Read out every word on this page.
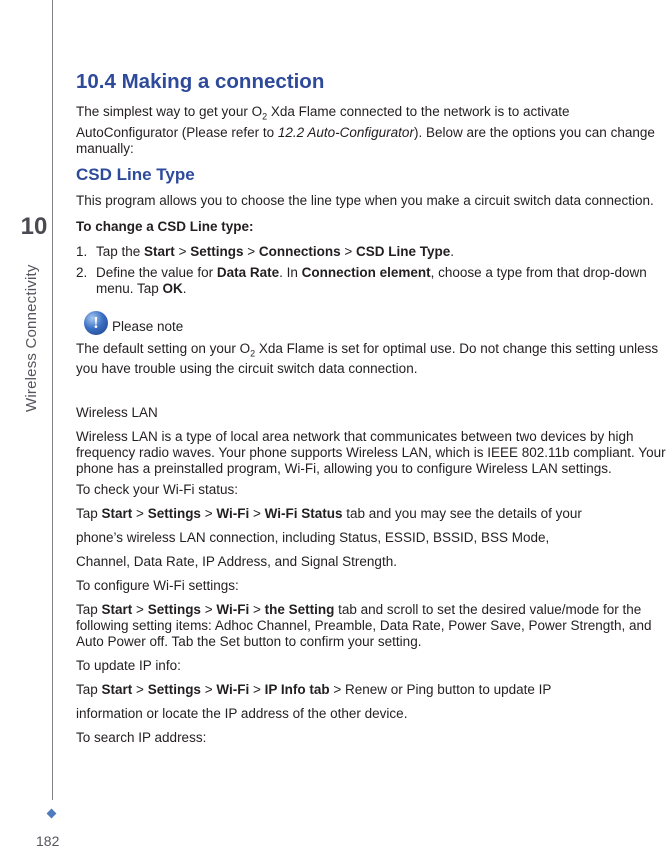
10
Wireless Connectivity
182
10.4 Making a connection

The simplest way to get your $O_2$ Xda Flame connected to the network is to activate AutoConfigurator (Please refer to 12.2 Auto-Configurator). Below are the options you can change manually:

CSD Line Type

This program allows you to choose the line type when you make a circuit switch data connection.

To change a CSD Line type:

1. Tap the Start > Settings > Connections > CSD Line Type.
2. Define the value for Data Rate. In Connection element, choose a type from that drop-down menu. Tap OK.
! Please note

The default setting on your $O_2$ Xda Flame is set for optimal use. Do not change this setting unless you have trouble using the circuit switch data connection.

Wireless LAN

Wireless LAN is a type of local area network that communicates between two devices by high frequency radio waves. Your phone supports Wireless LAN, which is IEEE 802.11b compliant. Your phone has a preinstalled program, Wi-Fi, allowing you to configure Wireless LAN settings.

To check your Wi-Fi status:

Tap Start > Settings > Wi-Fi > Wi-Fi Status tab and you may see the details of your

phone’s wireless LAN connection, including Status, ESSID, BSSID, BSS Mode,

Channel, Data Rate, IP Address, and Signal Strength.

To configure Wi-Fi settings:

Tap Start > Settings > Wi-Fi > the Setting tab and scroll to set the desired value/mode for the following setting items: Adhoc Channel, Preamble, Data Rate, Power Save, Power Strength, and Auto Power off. Tab the Set button to confirm your setting.

To update IP info:

Tap Start > Settings > Wi-Fi > IP Info tab > Renew or Ping button to update IP

information or locate the IP address of the other device.

To search IP address:
